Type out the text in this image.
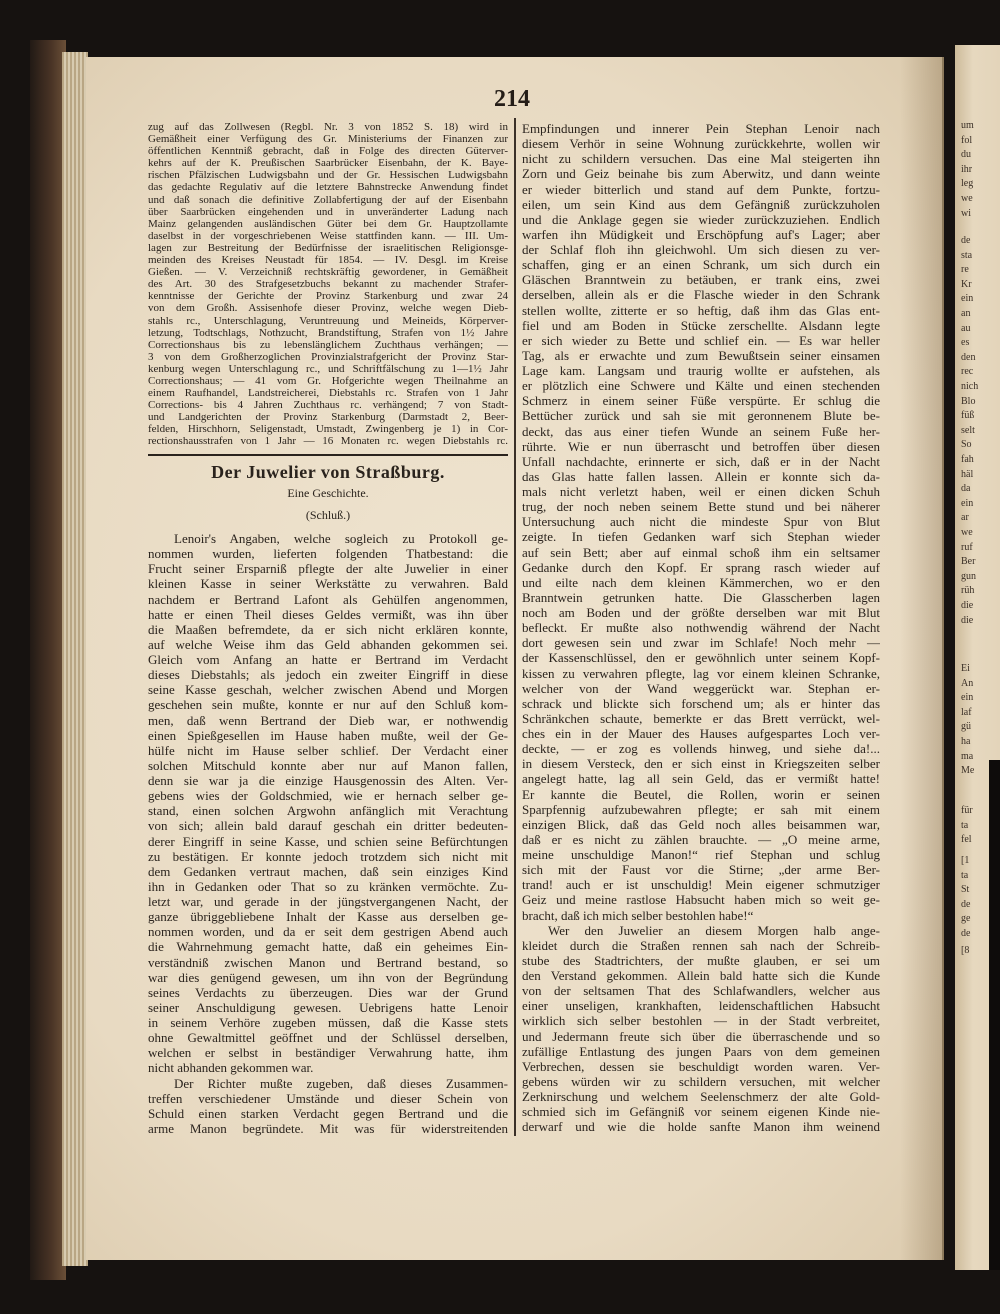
um
fol
du
ihr
leg
we
wi
de
sta
re
Kr
ein
an
au
es
den
rec
nich
Blo
füß
selt
So
fah
häl
da
ein
ar
we
ruf
Ber
gun
rüh
die
die
Ei
An
ein
laf
gü
ha
ma
Me
für
ta
fel
[1
ta
St
de
ge
de
[8
214
zug auf das Zollwesen (Regbl. Nr. 3 von 1852 S. 18) wird in
Gemäßheit einer Verfügung des Gr. Ministeriums der Finanzen zur
öffentlichen Kenntniß gebracht, daß in Folge des directen Güterver-
kehrs auf der K. Preußischen Saarbrücker Eisenbahn, der K. Baye-
rischen Pfälzischen Ludwigsbahn und der Gr. Hessischen Ludwigsbahn
das gedachte Regulativ auf die letztere Bahnstrecke Anwendung findet
und daß sonach die definitive Zollabfertigung der auf der Eisenbahn
über Saarbrücken eingehenden und in unveränderter Ladung nach
Mainz gelangenden ausländischen Güter bei dem Gr. Hauptzollamte
daselbst in der vorgeschriebenen Weise stattfinden kann. — III. Um-
lagen zur Bestreitung der Bedürfnisse der israelitischen Religionsge-
meinden des Kreises Neustadt für 1854. — IV. Desgl. im Kreise
Gießen. — V. Verzeichniß rechtskräftig gewordener, in Gemäßheit
des Art. 30 des Strafgesetzbuchs bekannt zu machender Strafer-
kenntnisse der Gerichte der Provinz Starkenburg und zwar 24
von dem Großh. Assisenhofe dieser Provinz, welche wegen Dieb-
stahls rc., Unterschlagung, Veruntreuung und Meineids, Körperver-
letzung, Todtschlags, Nothzucht, Brandstiftung, Strafen von 1½ Jahre
Correctionshaus bis zu lebenslänglichem Zuchthaus verhängen; —
3 von dem Großherzoglichen Provinzialstrafgericht der Provinz Star-
kenburg wegen Unterschlagung rc., und Schriftfälschung zu 1—1½ Jahr
Correctionshaus; — 41 vom Gr. Hofgerichte wegen Theilnahme an
einem Raufhandel, Landstreicherei, Diebstahls rc. Strafen von 1 Jahr
Corrections- bis 4 Jahren Zuchthaus rc. verhängend; 7 von Stadt-
und Landgerichten der Provinz Starkenburg (Darmstadt 2, Beer-
felden, Hirschhorn, Seligenstadt, Umstadt, Zwingenberg je 1) in Cor-
rectionshausstrafen von 1 Jahr — 16 Monaten rc. wegen Diebstahls rc.
Der Juwelier von Straßburg.
Eine Geschichte.
(Schluß.)
Lenoir's Angaben, welche sogleich zu Protokoll ge-
nommen wurden, lieferten folgenden Thatbestand: die
Frucht seiner Ersparniß pflegte der alte Juwelier in einer
kleinen Kasse in seiner Werkstätte zu verwahren. Bald
nachdem er Bertrand Lafont als Gehülfen angenommen,
hatte er einen Theil dieses Geldes vermißt, was ihn über
die Maaßen befremdete, da er sich nicht erklären konnte,
auf welche Weise ihm das Geld abhanden gekommen sei.
Gleich vom Anfang an hatte er Bertrand im Verdacht
dieses Diebstahls; als jedoch ein zweiter Eingriff in diese
seine Kasse geschah, welcher zwischen Abend und Morgen
geschehen sein mußte, konnte er nur auf den Schluß kom-
men, daß wenn Bertrand der Dieb war, er nothwendig
einen Spießgesellen im Hause haben mußte, weil der Ge-
hülfe nicht im Hause selber schlief. Der Verdacht einer
solchen Mitschuld konnte aber nur auf Manon fallen,
denn sie war ja die einzige Hausgenossin des Alten. Ver-
gebens wies der Goldschmied, wie er hernach selber ge-
stand, einen solchen Argwohn anfänglich mit Verachtung
von sich; allein bald darauf geschah ein dritter bedeuten-
derer Eingriff in seine Kasse, und schien seine Befürchtungen
zu bestätigen. Er konnte jedoch trotzdem sich nicht mit
dem Gedanken vertraut machen, daß sein einziges Kind
ihn in Gedanken oder That so zu kränken vermöchte. Zu-
letzt war, und gerade in der jüngstvergangenen Nacht, der
ganze übriggebliebene Inhalt der Kasse aus derselben ge-
nommen worden, und da er seit dem gestrigen Abend auch
die Wahrnehmung gemacht hatte, daß ein geheimes Ein-
verständniß zwischen Manon und Bertrand bestand, so
war dies genügend gewesen, um ihn von der Begründung
seines Verdachts zu überzeugen. Dies war der Grund
seiner Anschuldigung gewesen. Uebrigens hatte Lenoir
in seinem Verhöre zugeben müssen, daß die Kasse stets
ohne Gewaltmittel geöffnet und der Schlüssel derselben,
welchen er selbst in beständiger Verwahrung hatte, ihm
nicht abhanden gekommen war.
Der Richter mußte zugeben, daß dieses Zusammen-
treffen verschiedener Umstände und dieser Schein von
Schuld einen starken Verdacht gegen Bertrand und die
arme Manon begründete. Mit was für widerstreitenden
Empfindungen und innerer Pein Stephan Lenoir nach
diesem Verhör in seine Wohnung zurückkehrte, wollen wir
nicht zu schildern versuchen. Das eine Mal steigerten ihn
Zorn und Geiz beinahe bis zum Aberwitz, und dann weinte
er wieder bitterlich und stand auf dem Punkte, fortzu-
eilen, um sein Kind aus dem Gefängniß zurückzuholen
und die Anklage gegen sie wieder zurückzuziehen. Endlich
warfen ihn Müdigkeit und Erschöpfung auf's Lager; aber
der Schlaf floh ihn gleichwohl. Um sich diesen zu ver-
schaffen, ging er an einen Schrank, um sich durch ein
Gläschen Branntwein zu betäuben, er trank eins, zwei
derselben, allein als er die Flasche wieder in den Schrank
stellen wollte, zitterte er so heftig, daß ihm das Glas ent-
fiel und am Boden in Stücke zerschellte. Alsdann legte
er sich wieder zu Bette und schlief ein. — Es war heller
Tag, als er erwachte und zum Bewußtsein seiner einsamen
Lage kam. Langsam und traurig wollte er aufstehen, als
er plötzlich eine Schwere und Kälte und einen stechenden
Schmerz in einem seiner Füße verspürte. Er schlug die
Bettücher zurück und sah sie mit geronnenem Blute be-
deckt, das aus einer tiefen Wunde an seinem Fuße her-
rührte. Wie er nun überrascht und betroffen über diesen
Unfall nachdachte, erinnerte er sich, daß er in der Nacht
das Glas hatte fallen lassen. Allein er konnte sich da-
mals nicht verletzt haben, weil er einen dicken Schuh
trug, der noch neben seinem Bette stund und bei näherer
Untersuchung auch nicht die mindeste Spur von Blut
zeigte. In tiefen Gedanken warf sich Stephan wieder
auf sein Bett; aber auf einmal schoß ihm ein seltsamer
Gedanke durch den Kopf. Er sprang rasch wieder auf
und eilte nach dem kleinen Kämmerchen, wo er den
Branntwein getrunken hatte. Die Glasscherben lagen
noch am Boden und der größte derselben war mit Blut
befleckt. Er mußte also nothwendig während der Nacht
dort gewesen sein und zwar im Schlafe! Noch mehr —
der Kassenschlüssel, den er gewöhnlich unter seinem Kopf-
kissen zu verwahren pflegte, lag vor einem kleinen Schranke,
welcher von der Wand weggerückt war. Stephan er-
schrack und blickte sich forschend um; als er hinter das
Schränkchen schaute, bemerkte er das Brett verrückt, wel-
ches ein in der Mauer des Hauses aufgespartes Loch ver-
deckte, — er zog es vollends hinweg, und siehe da!...
in diesem Versteck, den er sich einst in Kriegszeiten selber
angelegt hatte, lag all sein Geld, das er vermißt hatte!
Er kannte die Beutel, die Rollen, worin er seinen
Sparpfennig aufzubewahren pflegte; er sah mit einem
einzigen Blick, daß das Geld noch alles beisammen war,
daß er es nicht zu zählen brauchte. — „O meine arme,
meine unschuldige Manon!“ rief Stephan und schlug
sich mit der Faust vor die Stirne; „der arme Ber-
trand! auch er ist unschuldig! Mein eigener schmutziger
Geiz und meine rastlose Habsucht haben mich so weit ge-
bracht, daß ich mich selber bestohlen habe!“
Wer den Juwelier an diesem Morgen halb ange-
kleidet durch die Straßen rennen sah nach der Schreib-
stube des Stadtrichters, der mußte glauben, er sei um
den Verstand gekommen. Allein bald hatte sich die Kunde
von der seltsamen That des Schlafwandlers, welcher aus
einer unseligen, krankhaften, leidenschaftlichen Habsucht
wirklich sich selber bestohlen — in der Stadt verbreitet,
und Jedermann freute sich über die überraschende und so
zufällige Entlastung des jungen Paars von dem gemeinen
Verbrechen, dessen sie beschuldigt worden waren. Ver-
gebens würden wir zu schildern versuchen, mit welcher
Zerknirschung und welchem Seelenschmerz der alte Gold-
schmied sich im Gefängniß vor seinem eigenen Kinde nie-
derwarf und wie die holde sanfte Manon ihm weinend
